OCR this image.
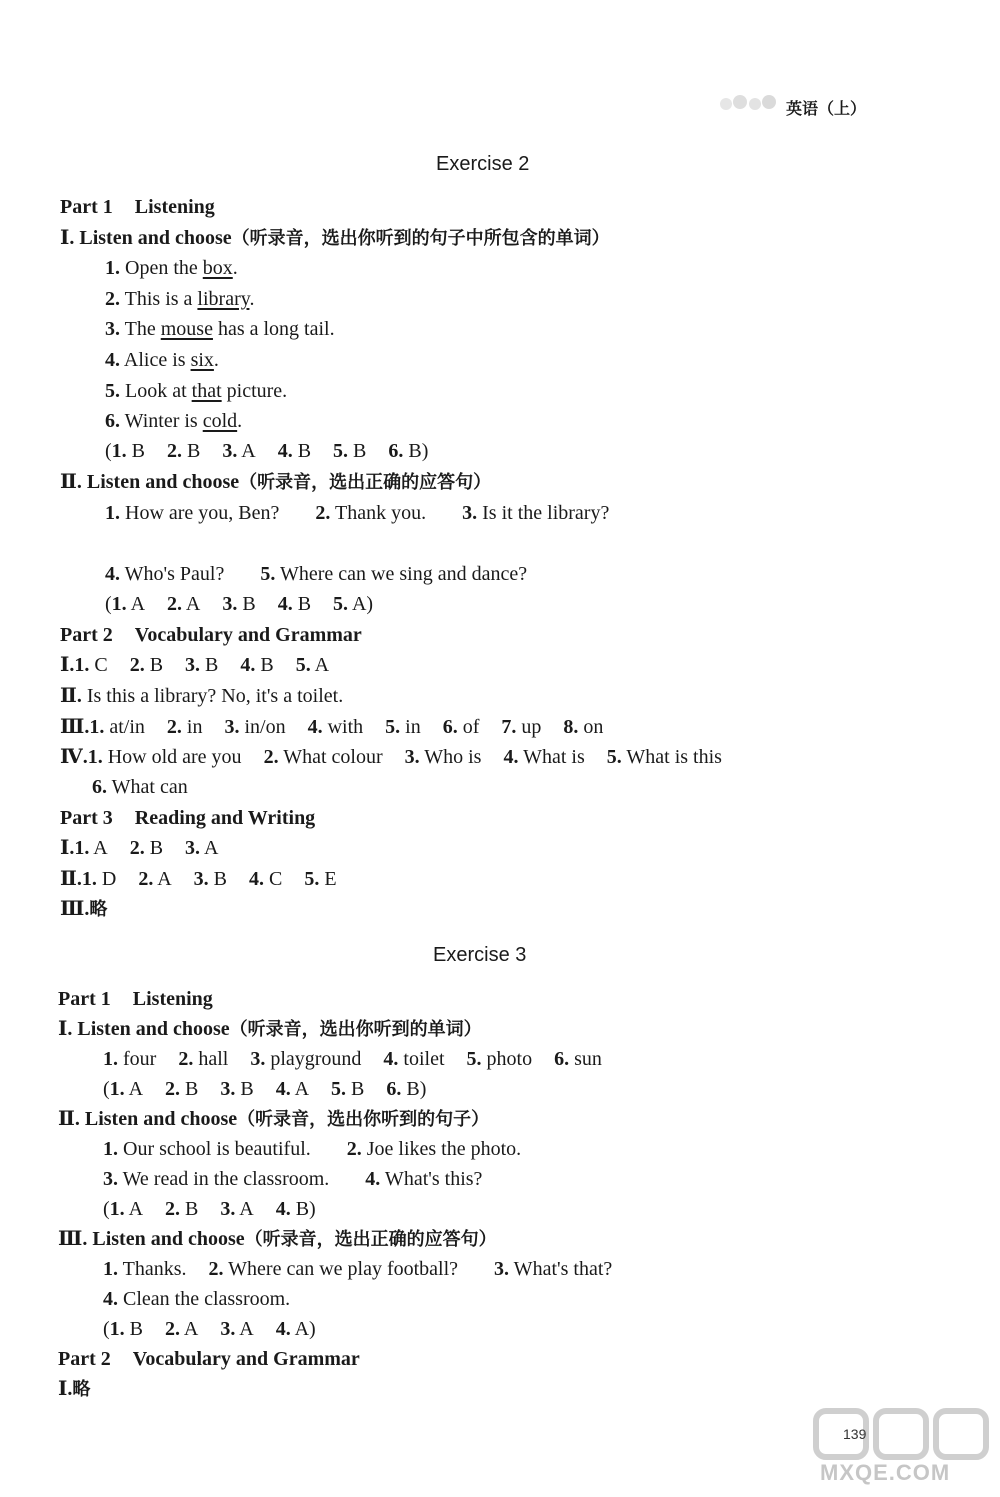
英语（上）
Exercise 2
Part 1 Listening
Ⅰ. Listen and choose（听录音，选出你听到的句子中所包含的单词）
1. Open the box.
2. This is a library.
3. The mouse has a long tail.
4. Alice is six.
5. Look at that picture.
6. Winter is cold.
(1. B 2. B 3. A 4. B 5. B 6. B)
Ⅱ. Listen and choose（听录音，选出正确的应答句）
1. How are you, Ben? 2. Thank you. 3. Is it the library?
4. Who's Paul? 5. Where can we sing and dance?
(1. A 2. A 3. B 4. B 5. A)
Part 2 Vocabulary and Grammar
Ⅰ.1. C 2. B 3. B 4. B 5. A
Ⅱ. Is this a library? No, it's a toilet.
Ⅲ.1. at/in 2. in 3. in/on 4. with 5. in 6. of 7. up 8. on
Ⅳ.1. How old are you 2. What colour 3. Who is 4. What is 5. What is this
6. What can
Part 3 Reading and Writing
Ⅰ.1. A 2. B 3. A
Ⅱ.1. D 2. A 3. B 4. C 5. E
Ⅲ.略
Exercise 3
Part 1 Listening
Ⅰ. Listen and choose（听录音，选出你听到的单词）
1. four 2. hall 3. playground 4. toilet 5. photo 6. sun
(1. A 2. B 3. B 4. A 5. B 6. B)
Ⅱ. Listen and choose（听录音，选出你听到的句子）
1. Our school is beautiful. 2. Joe likes the photo.
3. We read in the classroom. 4. What's this?
(1. A 2. B 3. A 4. B)
Ⅲ. Listen and choose（听录音，选出正确的应答句）
1. Thanks. 2. Where can we play football? 3. What's that?
4. Clean the classroom.
(1. B 2. A 3. A 4. A)
Part 2 Vocabulary and Grammar
Ⅰ.略
139
MXQE.COM
